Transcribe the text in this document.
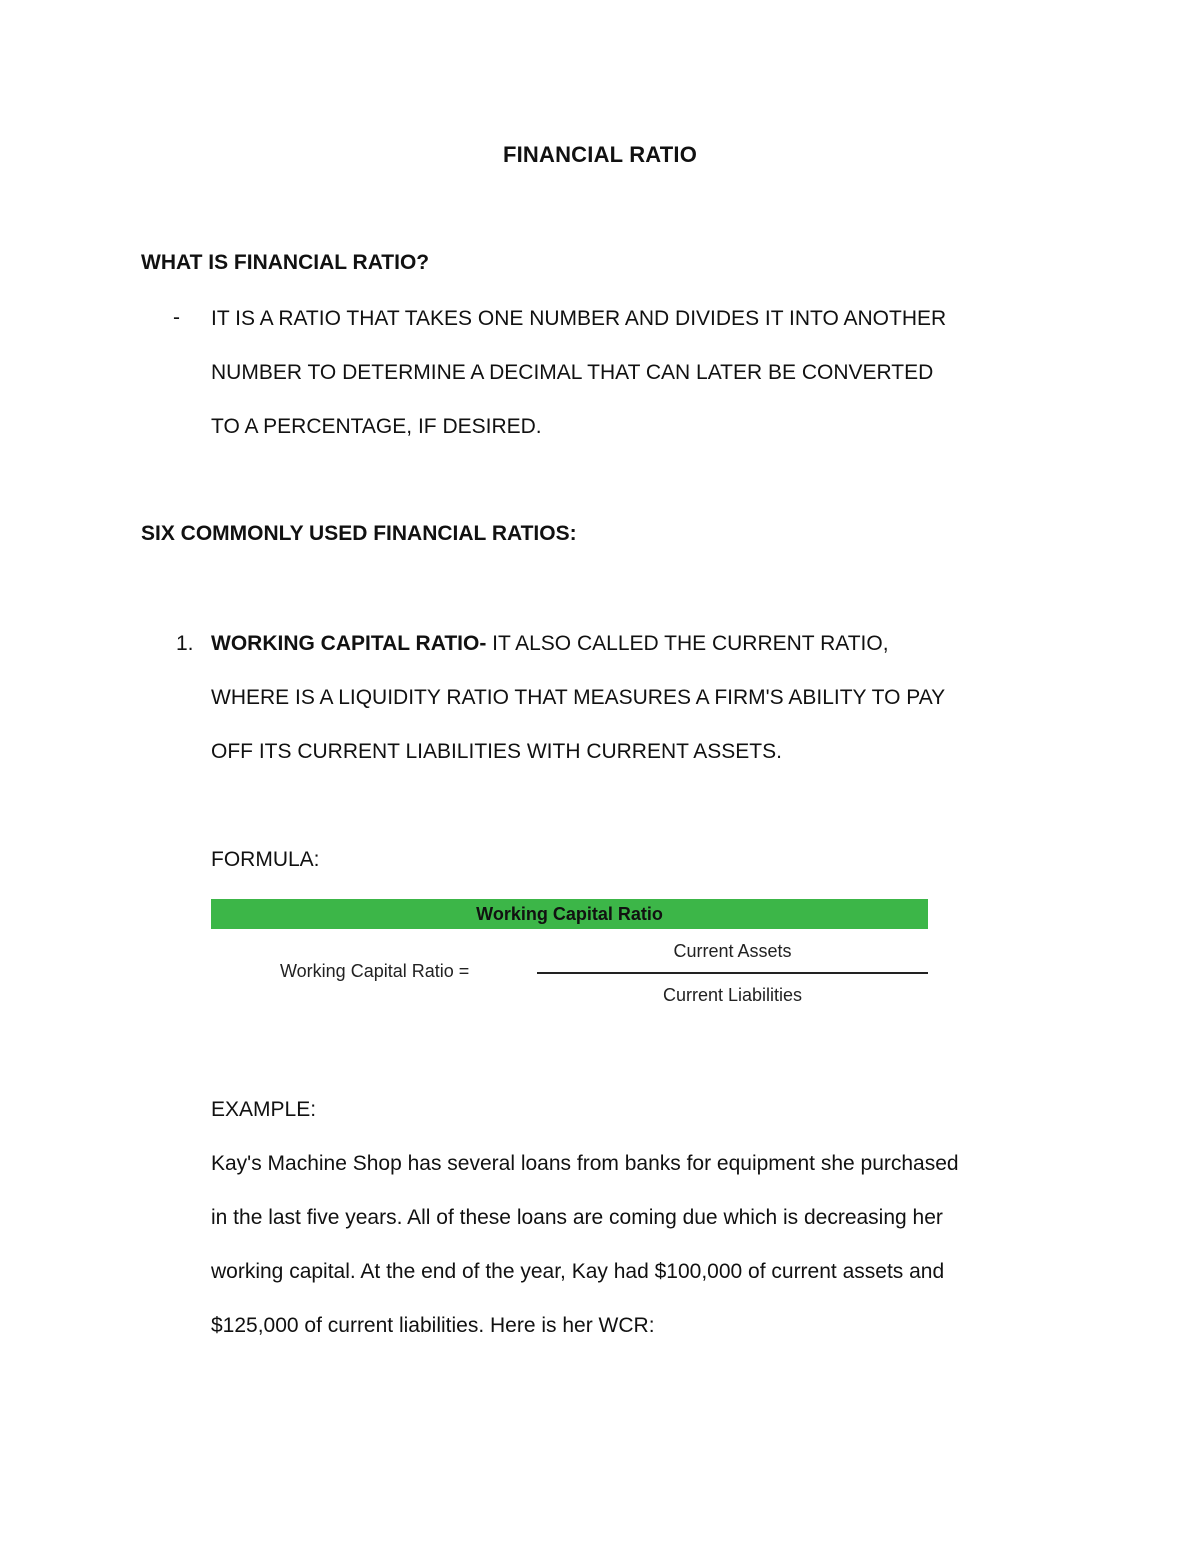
FINANCIAL RATIO
WHAT IS FINANCIAL RATIO?
- IT IS A RATIO THAT TAKES ONE NUMBER AND DIVIDES IT INTO ANOTHER
NUMBER TO DETERMINE A DECIMAL THAT CAN LATER BE CONVERTED
TO A PERCENTAGE, IF DESIRED.
SIX COMMONLY USED FINANCIAL RATIOS:
1. WORKING CAPITAL RATIO- IT ALSO CALLED THE CURRENT RATIO,
WHERE IS A LIQUIDITY RATIO THAT MEASURES A FIRM'S ABILITY TO PAY
OFF ITS CURRENT LIABILITIES WITH CURRENT ASSETS.
FORMULA:
Working Capital Ratio
Working Capital Ratio =
Current Assets
Current Liabilities
EXAMPLE:
Kay's Machine Shop has several loans from banks for equipment she purchased
in the last five years. All of these loans are coming due which is decreasing her
working capital. At the end of the year, Kay had $100,000 of current assets and
$125,000 of current liabilities. Here is her WCR:
